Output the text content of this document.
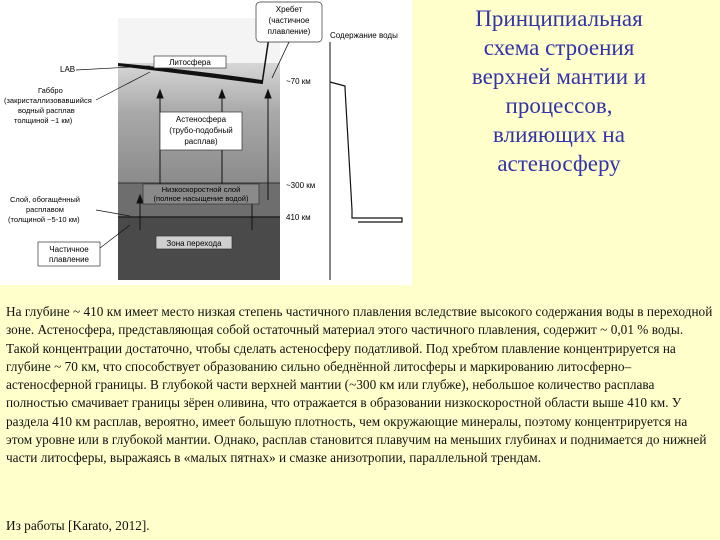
Литосфера
Астеносфера
(трубо-подобный
расплав)
Низкоскоростной слой
(полное насыщение водой)
Зона перехода
Хребет
(частичное
плавление)
LAB
Габбро
(закристаллизовавшийся
водный расплав
толщиной ~1 км)
Слой, обогащённый
расплавом
(толщиной ~5-10 км)
Частичное
плавление
~70 км
~300 км
410 км
Содержание воды
Принципиальная
схема строения
верхней мантии и
процессов,
влияющих на
астеносферу
На глубине ~ 410 км имеет место низкая степень частичного плавления вследствие высокого содержания воды в переходной зоне. Астеносфера, представляющая собой остаточный материал этого частичного плавления, содержит ~ 0,01 % воды. Такой концентрации достаточно, чтобы сделать астеносферу податливой. Под хребтом плавление концентрируется на глубине ~ 70 км, что способствует образованию сильно обеднённой литосферы и маркированию литосферно–астеносферной границы. В глубокой части верхней мантии (~300 км или глубже), небольшое количество расплава полностью смачивает границы зёрен оливина, что отражается в образовании низкоскоростной области выше 410 км. У раздела 410 км расплав, вероятно, имеет большую плотность, чем окружающие минералы, поэтому концентрируется на этом уровне или в глубокой мантии. Однако, расплав становится плавучим на меньших глубинах и поднимается до нижней части литосферы, выражаясь в «малых пятнах» и смазке анизотропии, параллельной трендам.
Из работы [Karato, 2012].
